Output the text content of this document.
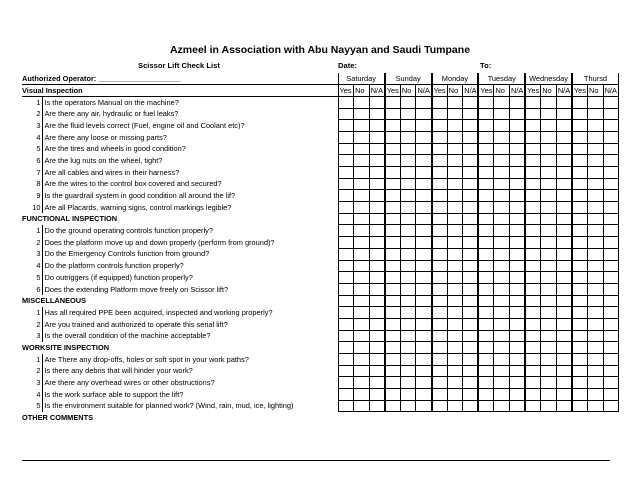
Azmeel in Association with Abu Nayyan and Saudi Tumpane
Scissor Lift Check List	Date:	To:
Authorized Operator: ____________________		Saturday			Sunday			Monday			Tuesday			Wednesday			Thursd		
Visual Inspection		Yes	No	N/A	Yes	No	N/A	Yes	No	N/A	Yes	No	N/A	Yes	No	N/A	Yes	No	N/A
1	Is the operators Manual on the machine?																		
2	Are there any air, hydraulic or fuel leaks?																		
3	Are the fluid levels correct (Fuel, engine oil and Coolant etc)?																		
4	Are there any loose or missing parts?																		
5	Are the tires and wheels in good condition?																		
6	Are the lug nuts on the wheel, tight?																		
7	Are all cables and wires in their harness?																		
8	Are the wires to the control box covered and secured?																		
9	Is the guardrail system in good condition all around the lif?																		
10	Are all Placards, warning signs, control markings legible?																		
FUNCTIONAL INSPECTION																			
1	Do the ground operating controls function properly?																		
2	Does the platform move up and down properly (perform from ground)?																		
3	Do the Emergency Controls function from ground?																		
4	Do the platform controls function properly?																		
5	Do outriggers (if equipped) function properly?																		
6	Does the extending Platform move freely on Scissor lift?																		
MISCELLANEOUS																			
1	Has all required PPE been acquired, inspected and working properly?																		
2	Are you trained and authorized to operate this serial lift?																		
3	Is the overall condition of the machine acceptable?																		
WORKSITE INSPECTION																			
1	Are There any drop-offs, holes or soft spot in your work paths?																		
2	Is there any debris that will hinder your work?																		
3	Are there any overhead wires or other obstructions?																		
4	Is the work surface able to support the lift?																		
5	Is the environment suitable for planned work? (Wind, rain, mud, ice, lighting)																		
OTHER COMMENTS																			
